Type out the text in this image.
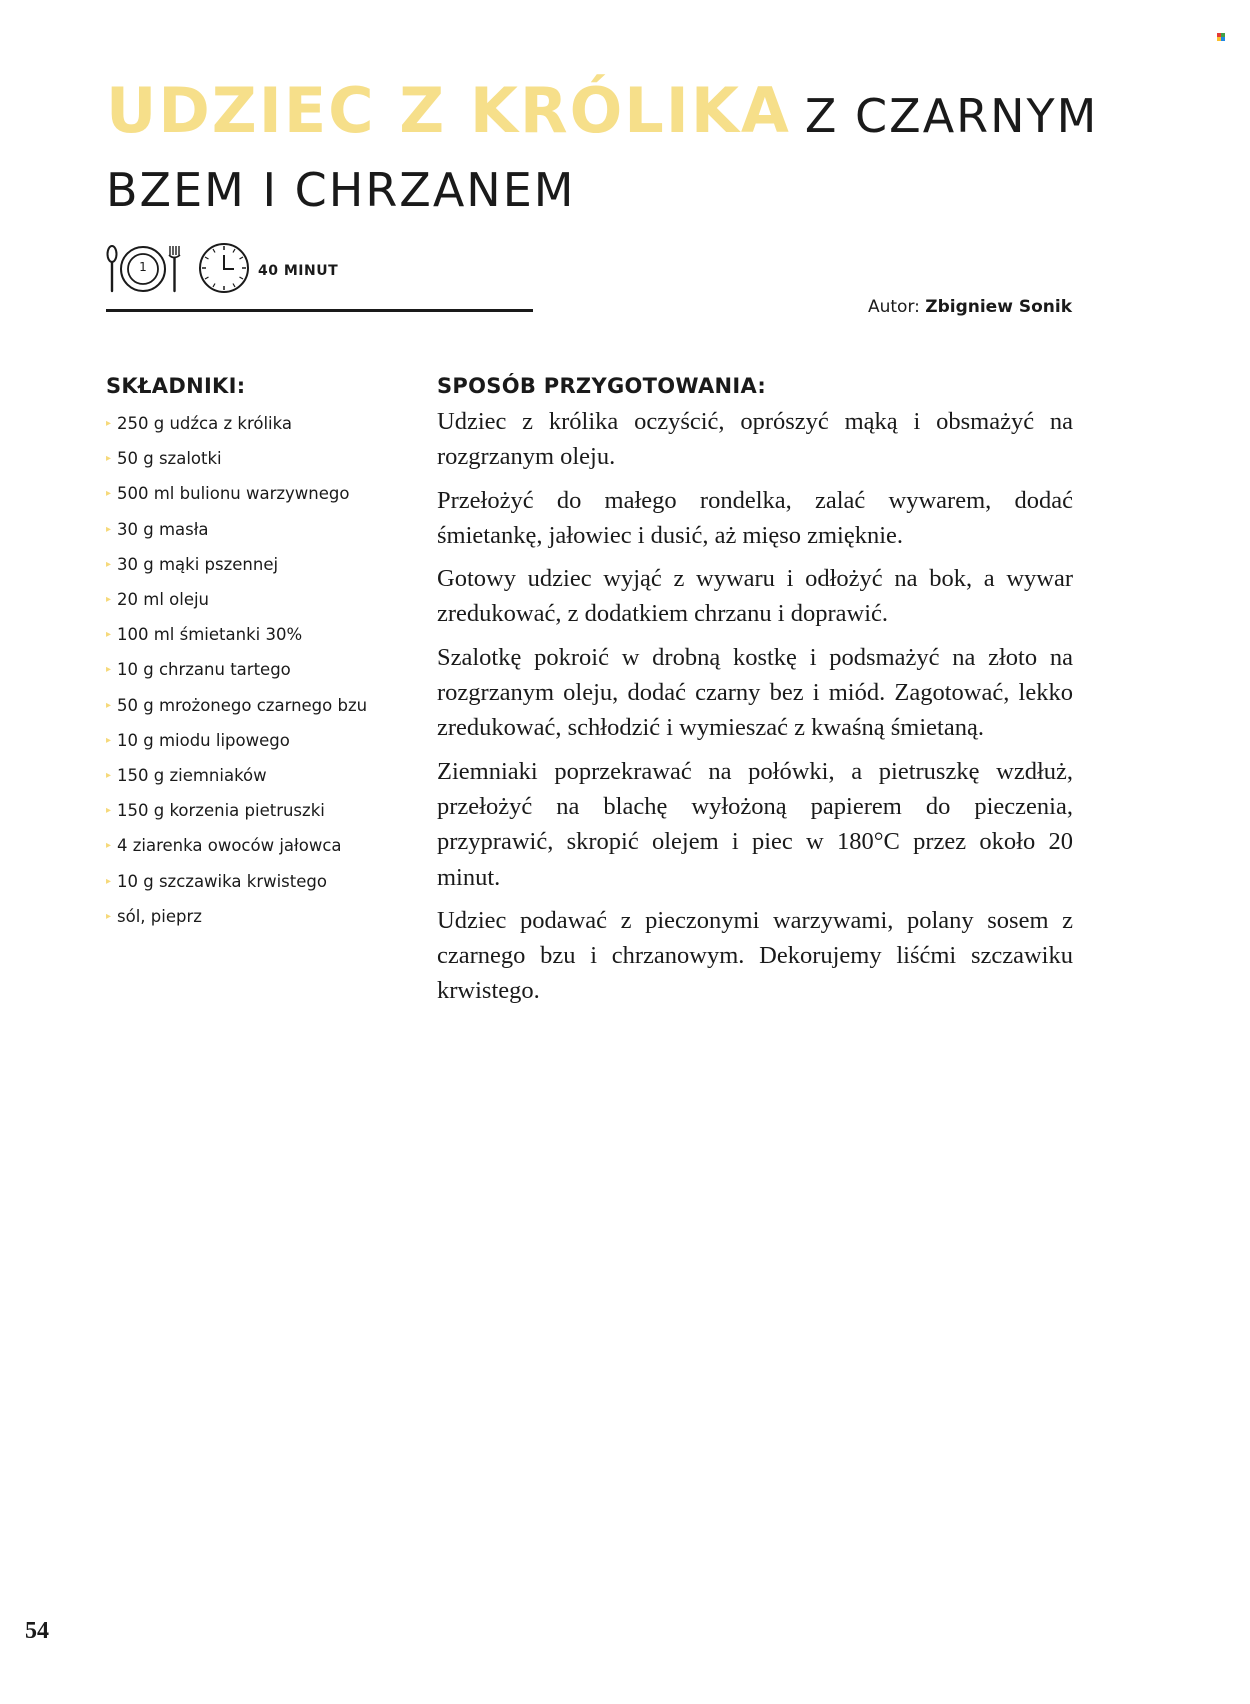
UDZIEC Z KRÓLIKA Z CZARNYM
BZEM I CHRZANEM
1	40 MINUT
Autor: Zbigniew Sonik
SKŁADNIKI:
▸ 250 g udźca z królika
▸ 50 g szalotki
▸ 500 ml bulionu warzywnego
▸ 30 g masła
▸ 30 g mąki pszennej
▸ 20 ml oleju
▸ 100 ml śmietanki 30%
▸ 10 g chrzanu tartego
▸ 50 g mrożonego czarnego bzu
▸ 10 g miodu lipowego
▸ 150 g ziemniaków
▸ 150 g korzenia pietruszki
▸ 4 ziarenka owoców jałowca
▸ 10 g szczawika krwistego
▸ sól, pieprz
SPOSÓB PRZYGOTOWANIA:

Udziec z królika oczyścić, oprószyć mąką i obsmażyć na rozgrzanym oleju.

Przełożyć do małego rondelka, zalać wywarem, dodać śmietankę, jałowiec i dusić, aż mięso zmięknie.

Gotowy udziec wyjąć z wywaru i odłożyć na bok, a wywar zredukować, z dodatkiem chrzanu i doprawić.

Szalotkę pokroić w drobną kostkę i podsmażyć na złoto na rozgrzanym oleju, dodać czarny bez i miód. Zagotować, lekko zredukować, schłodzić i wymieszać z kwaśną śmietaną.

Ziemniaki poprzekrawać na połówki, a pietruszkę wzdłuż, przełożyć na blachę wyłożoną papierem do pieczenia, przyprawić, skropić olejem i piec w 180°C przez około 20 minut.

Udziec podawać z pieczonymi warzywami, polany sosem z czarnego bzu i chrzanowym. Dekorujemy liśćmi szczawiku krwistego.

54
